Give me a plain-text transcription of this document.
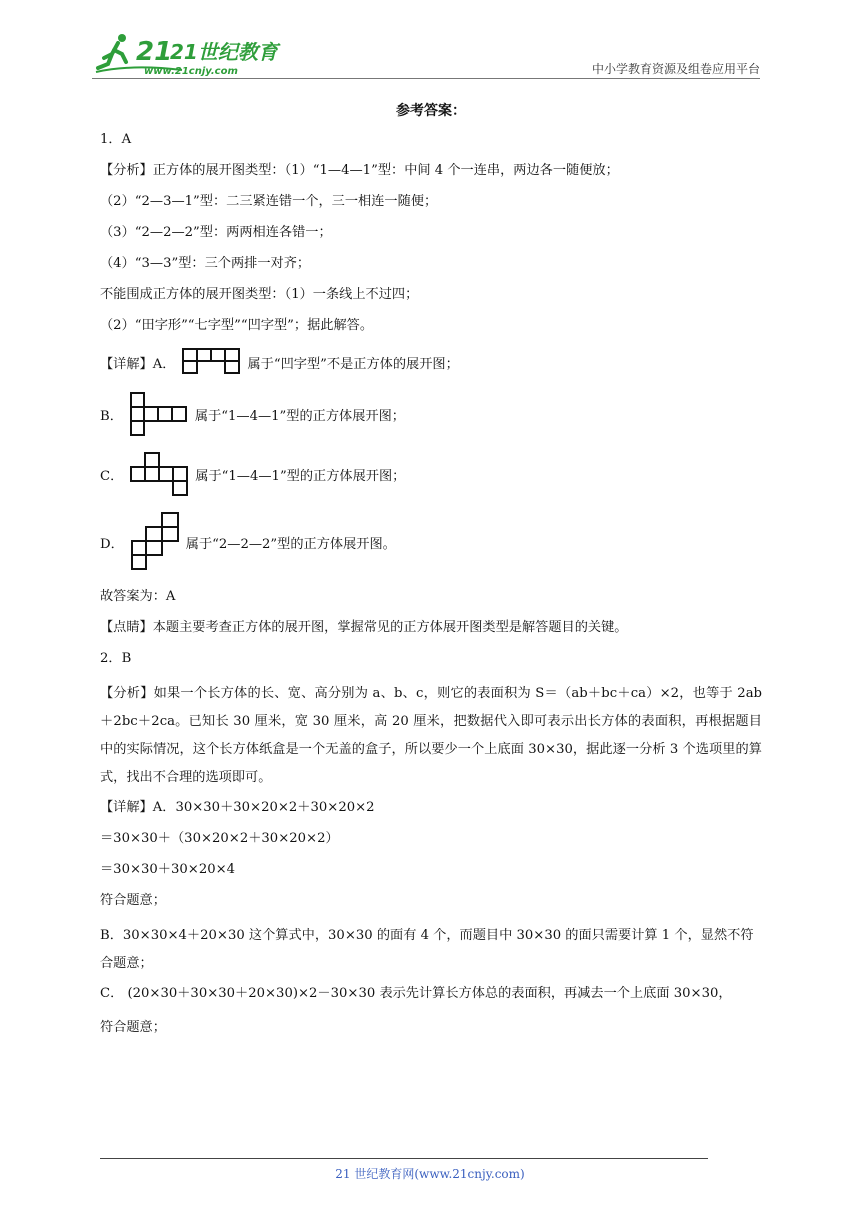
21
21世纪教育
www.21cnjy.com	中小学教育资源及组卷应用平台
参考答案：
1．A
【分析】正方体的展开图类型：（1）“1—4—1”型：中间 4 个一连串，两边各一随便放；
（2）“2—3—1”型：二三紧连错一个，三一相连一随便；
（3）“2—2—2”型：两两相连各错一；
（4）“3—3”型：三个两排一对齐；
不能围成正方体的展开图类型：（1）一条线上不过四；
（2）“田字形”“七字型”“凹字型”；据此解答。
【详解】A．	属于“凹字型”不是正方体的展开图；
B．	属于“1—4—1”型的正方体展开图；
C．	属于“1—4—1”型的正方体展开图；
D．	属于“2—2—2”型的正方体展开图。
故答案为：A
【点睛】本题主要考查正方体的展开图，掌握常见的正方体展开图类型是解答题目的关键。
2．B
【分析】如果一个长方体的长、宽、高分别为 a、b、c，则它的表面积为 S＝（ab＋bc＋ca）×2，也等于 2ab＋2bc＋2ca。已知长 30 厘米，宽 30 厘米，高 20 厘米，把数据代入即可表示出长方体的表面积，再根据题目中的实际情况，这个长方体纸盒是一个无盖的盒子，所以要少一个上底面 30×30，据此逐一分析 3 个选项里的算式，找出不合理的选项即可。
【详解】A．30×30＋30×20×2＋30×20×2
＝30×30＋（30×20×2＋30×20×2）
＝30×30＋30×20×4
符合题意；
B．30×30×4＋20×30 这个算式中，30×30 的面有 4 个，而题目中 30×30 的面只需要计算 1 个，显然不符合题意；
C． (20×30＋30×30＋20×30)×2－30×30 表示先计算长方体总的表面积，再减去一个上底面 30×30，
符合题意；
21 世纪教育网(www.21cnjy.com)
